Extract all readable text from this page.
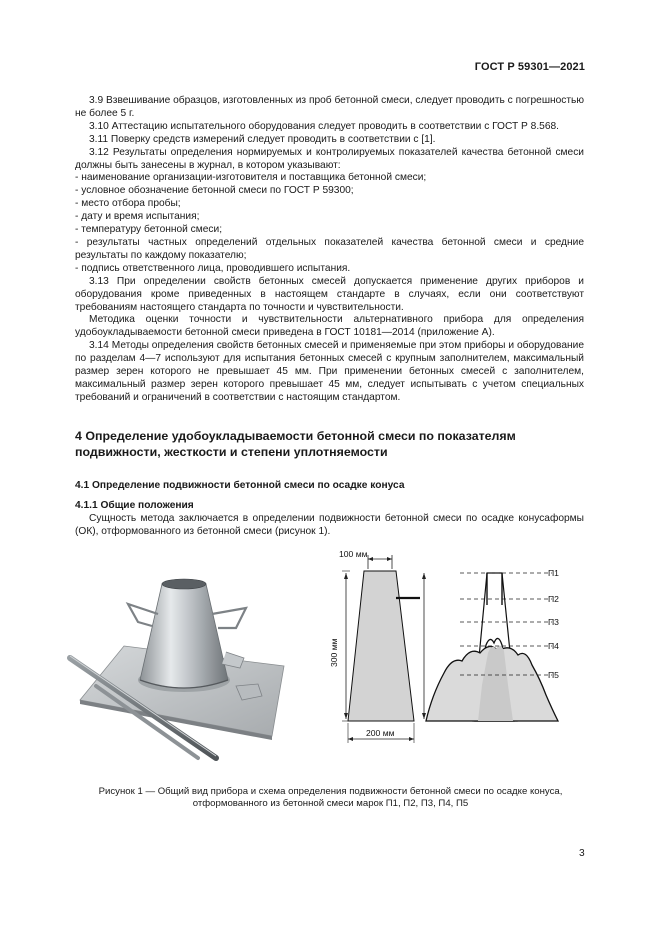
ГОСТ Р 59301—2021

3.9 Взвешивание образцов, изготовленных из проб бетонной смеси, следует проводить с погрешностью не более 5 г.

3.10 Аттестацию испытательного оборудования следует проводить в соответствии с ГОСТ Р 8.568.

3.11 Поверку средств измерений следует проводить в соответствии с [1].

3.12 Результаты определения нормируемых и контролируемых показателей качества бетонной смеси должны быть занесены в журнал, в котором указывают:

- наименование организации-изготовителя и поставщика бетонной смеси;

- условное обозначение бетонной смеси по ГОСТ Р 59300;

- место отбора пробы;

- дату и время испытания;

- температуру бетонной смеси;

- результаты частных определений отдельных показателей качества бетонной смеси и средние результаты по каждому показателю;

- подпись ответственного лица, проводившего испытания.

3.13 При определении свойств бетонных смесей допускается применение других приборов и оборудования кроме приведенных в настоящем стандарте в случаях, если они соответствуют требованиям настоящего стандарта по точности и чувствительности.

Методика оценки точности и чувствительности альтернативного прибора для определения удобоукладываемости бетонной смеси приведена в ГОСТ 10181—2014 (приложение А).

3.14 Методы определения свойств бетонных смесей и применяемые при этом приборы и оборудование по разделам 4—7 используют для испытания бетонных смесей с крупным заполнителем, максимальный размер зерен которого не превышает 45 мм. При применении бетонных смесей с заполнителем, максимальный размер зерен которого превышает 45 мм, следует испытывать с учетом специальных требований и ограничений в соответствии с настоящим стандартом.

4 Определение удобоукладываемости бетонной смеси по показателям подвижности, жесткости и степени уплотняемости
4.1 Определение подвижности бетонной смеси по осадке конуса
4.1.1 Общие положения
Сущность метода заключается в определении подвижности бетонной смеси по осадке конусаформы (ОК), отформованного из бетонной смеси (рисунок 1).
100 мм
300 мм
200 мм
П1
П2
П3
П4
П5
Рисунок 1 — Общий вид прибора и схема определения подвижности бетонной смеси по осадке конуса,
отформованного из бетонной смеси марок П1, П2, П3, П4, П5
3
